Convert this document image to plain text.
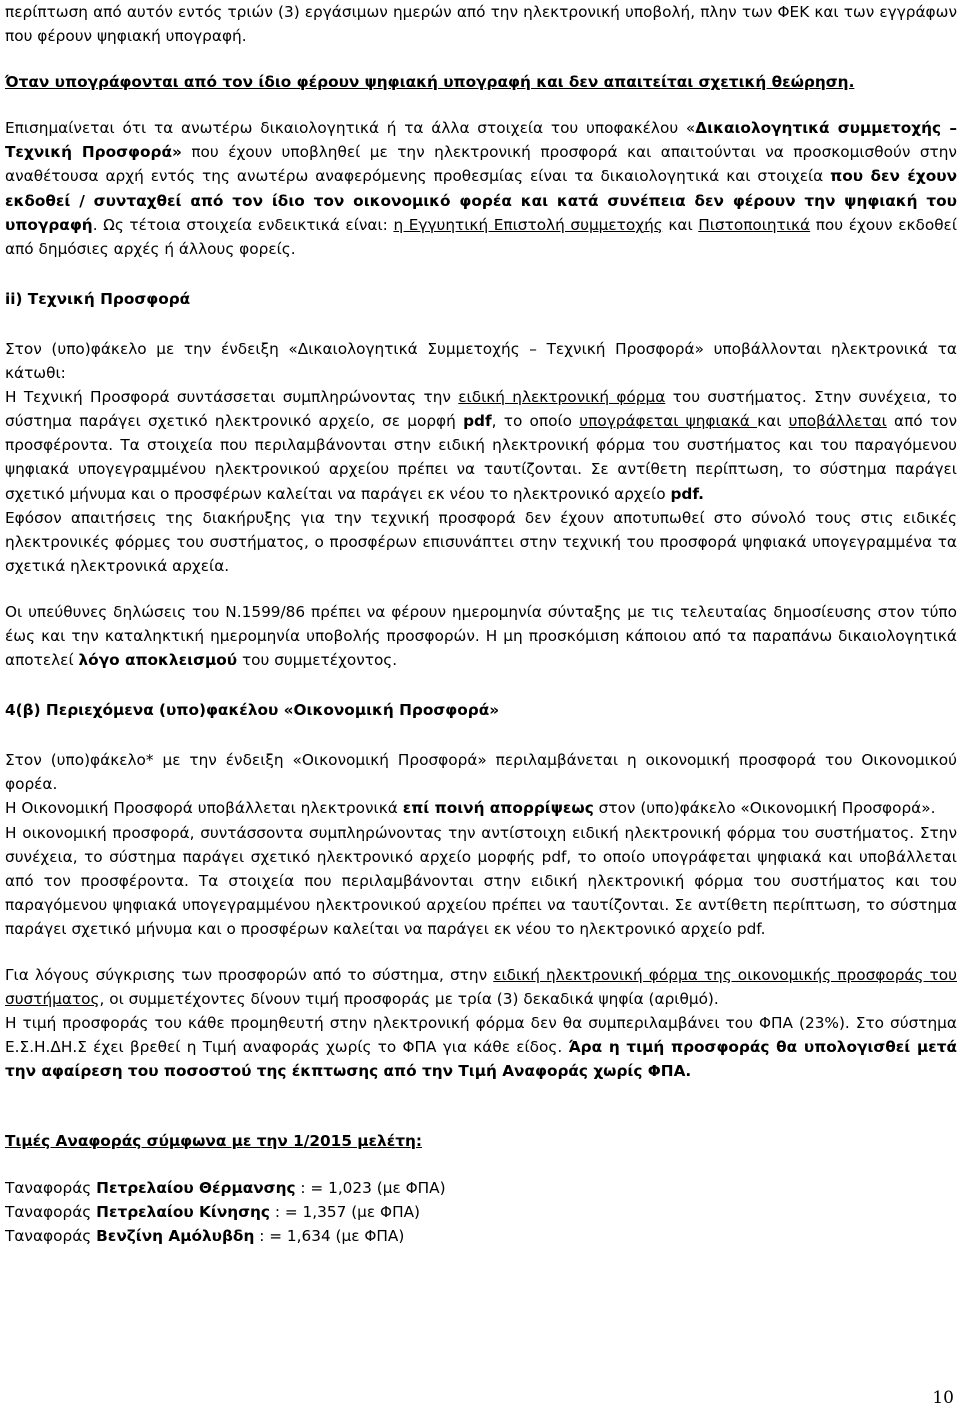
περίπτωση από αυτόν εντός τριών (3) εργάσιμων ημερών από την ηλεκτρονική υποβολή, πλην των ΦΕΚ και των εγγράφων που φέρουν ψηφιακή υπογραφή.

Όταν υπογράφονται από τον ίδιο φέρουν ψηφιακή υπογραφή και δεν απαιτείται σχετική θεώρηση.

Επισημαίνεται ότι τα ανωτέρω δικαιολογητικά ή τα άλλα στοιχεία του υποφακέλου «Δικαιολογητικά συμμετοχής – Τεχνική Προσφορά» που έχουν υποβληθεί με την ηλεκτρονική προσφορά και απαιτούνται να προσκομισθούν στην αναθέτουσα αρχή εντός της ανωτέρω αναφερόμενης προθεσμίας είναι τα δικαιολογητικά και στοιχεία που δεν έχουν εκδοθεί / συνταχθεί από τον ίδιο τον οικονομικό φορέα και κατά συνέπεια δεν φέρουν την ψηφιακή του υπογραφή. Ως τέτοια στοιχεία ενδεικτικά είναι: η Εγγυητική Επιστολή συμμετοχής και Πιστοποιητικά που έχουν εκδοθεί από δημόσιες αρχές ή άλλους φορείς.

ii) Τεχνική Προσφορά

Στον (υπο)φάκελο με την ένδειξη «Δικαιολογητικά Συμμετοχής – Τεχνική Προσφορά» υποβάλλονται ηλεκτρονικά τα κάτωθι:

Η Τεχνική Προσφορά συντάσσεται συμπληρώνοντας την ειδική ηλεκτρονική φόρμα του συστήματος. Στην συνέχεια, το σύστημα παράγει σχετικό ηλεκτρονικό αρχείο, σε μορφή pdf, το οποίο υπογράφεται ψηφιακά και υποβάλλεται από τον προσφέροντα. Τα στοιχεία που περιλαμβάνονται στην ειδική ηλεκτρονική φόρμα του συστήματος και του παραγόμενου ψηφιακά υπογεγραμμένου ηλεκτρονικού αρχείου πρέπει να ταυτίζονται. Σε αντίθετη περίπτωση, το σύστημα παράγει σχετικό μήνυμα και ο προσφέρων καλείται να παράγει εκ νέου το ηλεκτρονικό αρχείο pdf.

Εφόσον απαιτήσεις της διακήρυξης για την τεχνική προσφορά δεν έχουν αποτυπωθεί στο σύνολό τους στις ειδικές ηλεκτρονικές φόρμες του συστήματος, ο προσφέρων επισυνάπτει στην τεχνική του προσφορά ψηφιακά υπογεγραμμένα τα σχετικά ηλεκτρονικά αρχεία.

Οι υπεύθυνες δηλώσεις του Ν.1599/86 πρέπει να φέρουν ημερομηνία σύνταξης με τις τελευταίας δημοσίευσης στον τύπο έως και την καταληκτική ημερομηνία υποβολής προσφορών. Η μη προσκόμιση κάποιου από τα παραπάνω δικαιολογητικά αποτελεί λόγο αποκλεισμού του συμμετέχοντος.

4(β) Περιεχόμενα (υπο)φακέλου «Οικονομική Προσφορά»

Στον (υπο)φάκελο* με την ένδειξη «Οικονομική Προσφορά» περιλαμβάνεται η οικονομική προσφορά του Οικονομικού φορέα.

Η Οικονομική Προσφορά υποβάλλεται ηλεκτρονικά επί ποινή απορρίψεως στον (υπο)φάκελο «Οικονομική Προσφορά».

Η οικονομική προσφορά, συντάσσοντα συμπληρώνοντας την αντίστοιχη ειδική ηλεκτρονική φόρμα του συστήματος. Στην συνέχεια, το σύστημα παράγει σχετικό ηλεκτρονικό αρχείο μορφής pdf, το οποίο υπογράφεται ψηφιακά και υποβάλλεται από τον προσφέροντα. Τα στοιχεία που περιλαμβάνονται στην ειδική ηλεκτρονική φόρμα του συστήματος και του παραγόμενου ψηφιακά υπογεγραμμένου ηλεκτρονικού αρχείου πρέπει να ταυτίζονται. Σε αντίθετη περίπτωση, το σύστημα παράγει σχετικό μήνυμα και ο προσφέρων καλείται να παράγει εκ νέου το ηλεκτρονικό αρχείο pdf.

Για λόγους σύγκρισης των προσφορών από το σύστημα, στην ειδική ηλεκτρονική φόρμα της οικονομικής προσφοράς του συστήματος, οι συμμετέχοντες δίνουν τιμή προσφοράς με τρία (3) δεκαδικά ψηφία (αριθμό).

Η τιμή προσφοράς του κάθε προμηθευτή στην ηλεκτρονική φόρμα δεν θα συμπεριλαμβάνει του ΦΠΑ (23%). Στο σύστημα Ε.Σ.Η.ΔΗ.Σ έχει βρεθεί η Τιμή αναφοράς χωρίς το ΦΠΑ για κάθε είδος. Άρα η τιμή προσφοράς θα υπολογισθεί μετά την αφαίρεση του ποσοστού της έκπτωσης από την Τιμή Αναφοράς χωρίς ΦΠΑ.

Τιμές Αναφοράς σύμφωνα με την 1/2015 μελέτη:

Ταναφοράς Πετρελαίου Θέρμανσης : = 1,023 (με ΦΠΑ)

Ταναφοράς Πετρελαίου Κίνησης : = 1,357 (με ΦΠΑ)

Ταναφοράς Βενζίνη Αμόλυβδη : = 1,634 (με ΦΠΑ)

10
